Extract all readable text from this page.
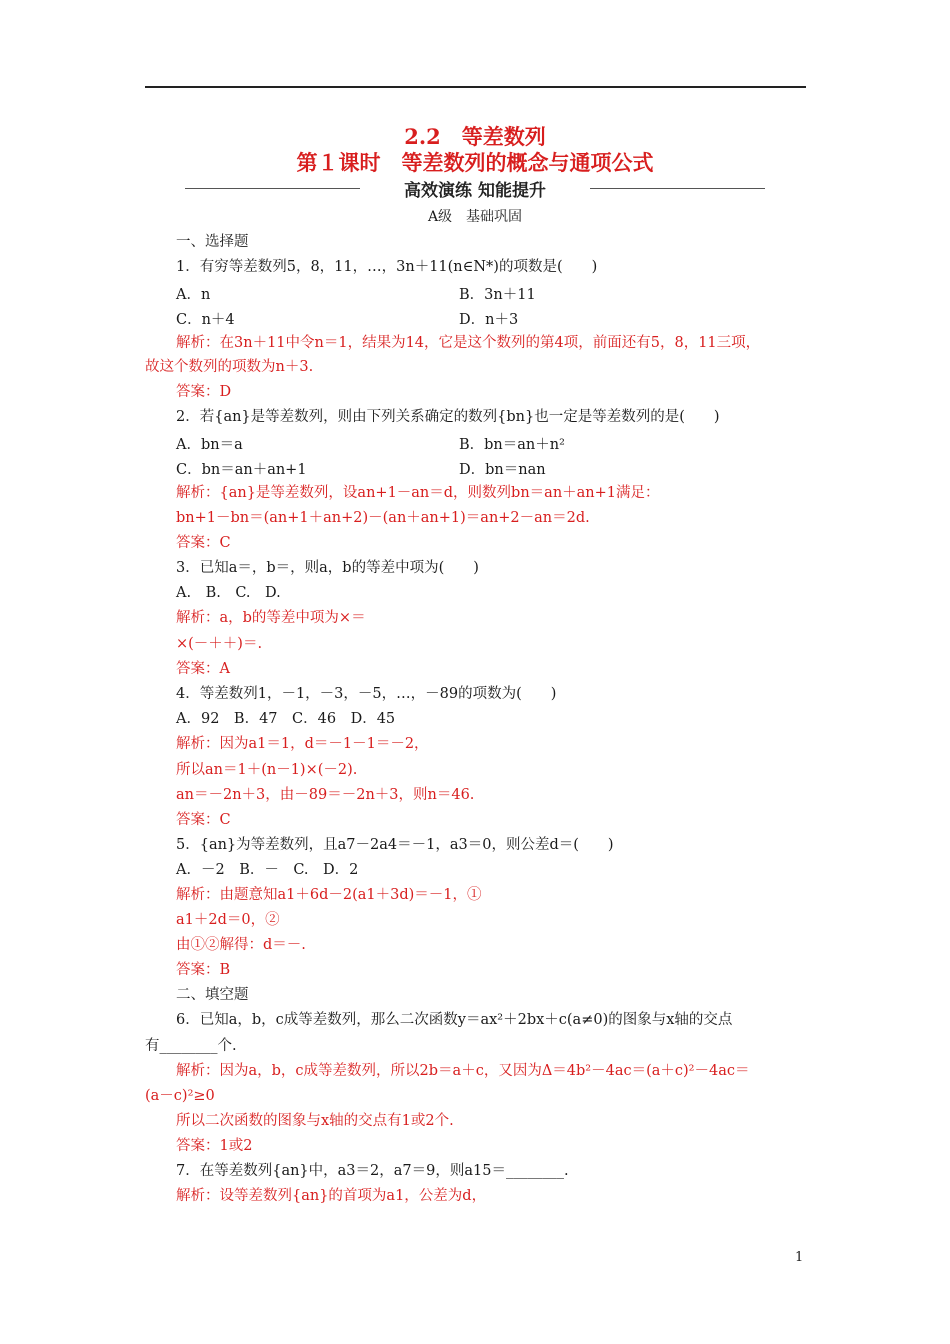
2.2　等差数列
第１课时　等差数列的概念与通项公式
高效演练 知能提升
A级　基础巩固
一、选择题
1．有穷等差数列5，8，11，…，3n＋11(n∈N*)的项数是(　　)
A．n	B．3n＋11
C．n＋4	D．n＋3
解析：在3n＋11中令n＝1，结果为14，它是这个数列的第4项，前面还有5，8，11三项，
故这个数列的项数为n＋3.
答案：D
2．若{an}是等差数列，则由下列关系确定的数列{bn}也一定是等差数列的是(　　)
A．bn＝a	B．bn＝an＋n²
C．bn＝an＋an+1	D．bn＝nan
解析：{an}是等差数列，设an+1－an＝d，则数列bn＝an＋an+1满足：
bn+1－bn＝(an+1＋an+2)－(an＋an+1)＝an+2－an＝2d.
答案：C
3．已知a＝，b＝，则a，b的等差中项为(　　)
A.　B.　C.　D.
解析：a，b的等差中项为×＝
×(－＋＋)＝.
答案：A
4．等差数列1，－1，－3，－5，…，－89的项数为(　　)
A．92　B．47　C．46　D．45
解析：因为a1＝1，d＝－1－1＝－2，
所以an＝1＋(n－1)×(－2).
an＝－2n＋3，由－89＝－2n＋3，则n＝46.
答案：C
5．{an}为等差数列，且a7－2a4＝－1，a3＝0，则公差d＝(　　)
A．－2　B．－　C.　D．2
解析：由题意知a1＋6d－2(a1＋3d)＝－1，①
a1＋2d＝0，②
由①②解得：d＝－.
答案：B
二、填空题
6．已知a，b，c成等差数列，那么二次函数y＝ax²＋2bx＋c(a≠0)的图象与x轴的交点
有________个.
解析：因为a，b，c成等差数列，所以2b＝a＋c，又因为Δ＝4b²－4ac＝(a＋c)²－4ac＝
(a－c)²≥0
所以二次函数的图象与x轴的交点有1或2个.
答案：1或2
7．在等差数列{an}中，a3＝2，a7＝9，则a15＝________.
解析：设等差数列{an}的首项为a1，公差为d，
1
